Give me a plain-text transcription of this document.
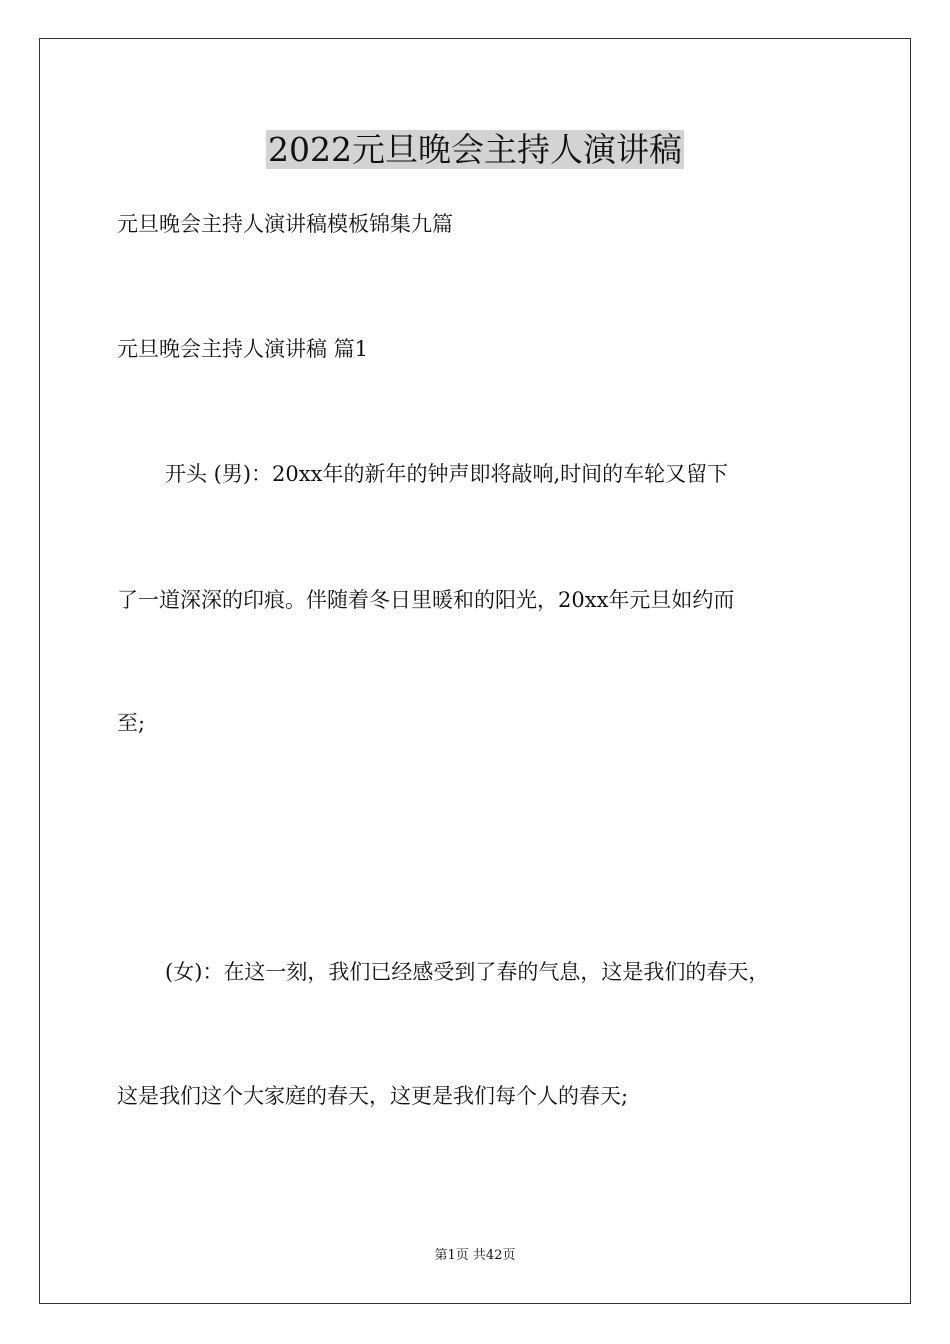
2022元旦晚会主持人演讲稿
元旦晚会主持人演讲稿模板锦集九篇
元旦晚会主持人演讲稿 篇1
开头 (男)：20xx年的新年的钟声即将敲响,时间的车轮又留下
了一道深深的印痕。伴随着冬日里暖和的阳光，20xx年元旦如约而
至;
(女)：在这一刻，我们已经感受到了春的气息，这是我们的春天，
这是我们这个大家庭的春天，这更是我们每个人的春天;
第1页 共42页
